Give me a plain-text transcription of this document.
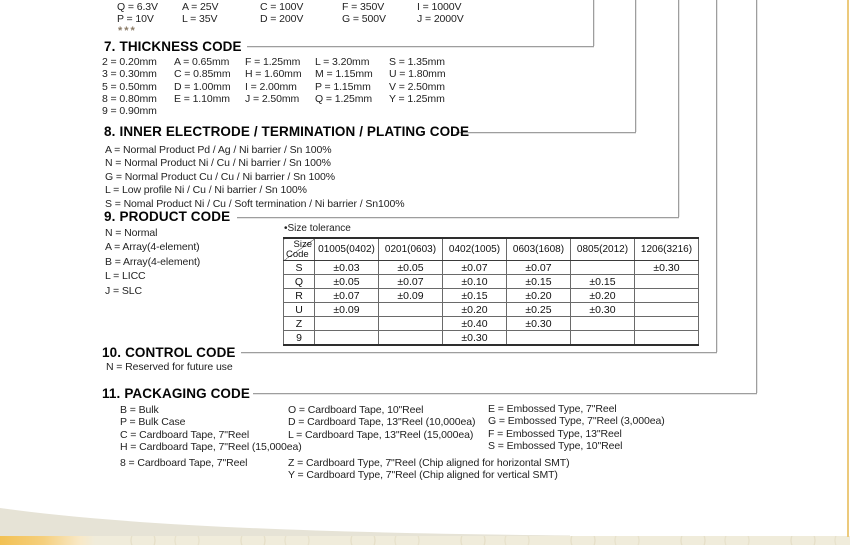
Q = 6.3V	A = 25V	C = 100V	F = 350V	I = 1000V
P = 10V	L = 35V	D = 200V	G = 500V	J = 2000V
***
7. THICKNESS CODE
2 = 0.20mm	A = 0.65mm	F = 1.25mm	L = 3.20mm	S = 1.35mm
3 = 0.30mm	C = 0.85mm	H = 1.60mm	M = 1.15mm	U = 1.80mm
5 = 0.50mm	D = 1.00mm	I = 2.00mm	P = 1.15mm	V = 2.50mm
8 = 0.80mm	E = 1.10mm	J = 2.50mm	Q = 1.25mm	Y = 1.25mm
9 = 0.90mm
8. INNER ELECTRODE / TERMINATION / PLATING CODE
A = Normal Product Pd / Ag / Ni barrier / Sn 100%
N = Normal Product Ni / Cu / Ni barrier / Sn 100%
G = Normal Product Cu / Cu / Ni barrier / Sn 100%
L = Low profile Ni / Cu / Ni barrier / Sn 100%
S = Nomal Product Ni / Cu / Soft termination / Ni barrier / Sn100%
9. PRODUCT CODE
N = Normal
A = Array(4-element)
B = Array(4-element)
L = LICC
J = SLC
•Size tolerance
Size
Code	01005(0402)	0201(0603)	0402(1005)	0603(1608)	0805(2012)	1206(3216)
S	±0.03	±0.05	±0.07	±0.07		±0.30
Q	±0.05	±0.07	±0.10	±0.15	±0.15	
R	±0.07	±0.09	±0.15	±0.20	±0.20	
U	±0.09		±0.20	±0.25	±0.30	
Z			±0.40	±0.30		
9			±0.30			
10. CONTROL CODE
N = Reserved for future use
11. PACKAGING CODE
B = Bulk
P = Bulk Case
C = Cardboard Tape, 7"Reel
H = Cardboard Tape, 7"Reel (15,000ea)
8 = Cardboard Tape, 7"Reel
O = Cardboard Tape, 10"Reel
D = Cardboard Tape, 13"Reel (10,000ea)
L = Cardboard Tape, 13"Reel (15,000ea)
Z = Cardboard Type, 7"Reel (Chip aligned for horizontal SMT)
Y = Cardboard Type, 7"Reel (Chip aligned for vertical SMT)
E = Embossed Type, 7"Reel
G = Embossed Type, 7"Reel (3,000ea)
F = Embossed Type, 13"Reel
S = Embossed Type, 10"Reel
